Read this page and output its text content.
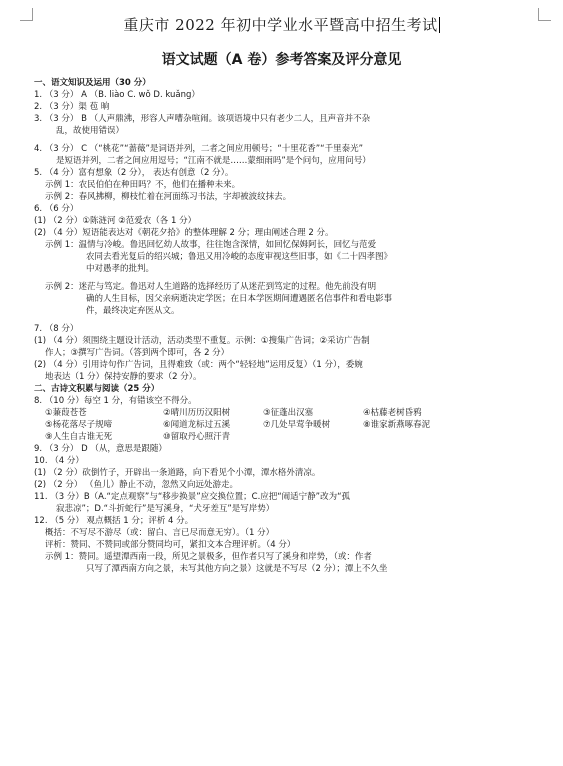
重庆市 2022 年初中学业水平暨高中招生考试
语文试题（A 卷）参考答案及评分意见
一、语文知识及运用（30 分）
1. （3 分） A （B. liào C. wǒ D. kuǎng）
2. （3 分）渠 苞 晌
3. （3 分） B （人声鼎沸，形容人声嘈杂喧闹。该项语境中只有老少二人，且声音并不杂
乱，故使用错误）
4. （3 分） C （“桃花”“蔷薇”是词语并列，二者之间应用顿号；“十里花香”“千里泰光”
是短语并列，二者之间应用逗号；“江南不就是……蒙细雨吗”是个问句，应用问号）
5. （4 分）富有想象（2 分）， 表达有创意（2 分）。
示例 1：农民伯伯在种田吗？不，他们在播种未来。
示例 2：春风拂柳，柳枝忙着在河面练习书法，宇却被波纹抹去。
6. （6 分）
(1) （2 分）①陈涟河 ②范爱农（各 1 分）
(2) （4 分）短语能表达对《朝花夕拾》的整体理解 2 分；理由阐述合理 2 分。
示例 1：温情与冷峻。鲁迅回忆幼人故事，往往饱含深情，如回忆保姆阿长，回忆与范爱
农同去看光复后的绍兴城；鲁迅又用冷峻的态度审视这些旧事，如《二十四孝图》
中对愚孝的批判。
示例 2：迷茫与笃定。鲁迅对人生道路的选择经历了从迷茫到笃定的过程。他先前没有明
确的人生目标，因父亲病逝决定学医；在日本学医期间遭遇匿名信事件和看电影事
件，最终决定弃医从文。
7. （8 分）
(1) （4 分）须围绕主题设计活动，活动类型不重复。示例：①搜集广告词；②采访广告制
作人；③撰写广告词。（答到两个即可，各 2 分）
(2) （4 分）引用诗句作广告词，且得难致（或：两个“轻轻地”运用反复）（1 分），委婉
地表达（1 分）保持安静的要求（2 分）。
二、古诗文积累与阅读（25 分）
8. （10 分）每空 1 分，有错该空不得分。
①蒹葭苍苍	②晴川历历汉阳树	③征蓬出汉塞	④枯藤老树昏鸦
⑤杨花落尽子规啼	⑥闻道龙标过五溪	⑦几处早莺争暖树	⑧谁家新燕啄春泥
⑨人生自古谁无死	⑩留取丹心照汗青
9. （3 分） D （从，意思是跟随）
10. （4 分）
(1) （2 分）砍倒竹子，开辟出一条道路，向下看见个小潭，潭水格外清凉。
(2) （2 分） （鱼儿）静止不动，忽然又向远处游走。
11. （3 分）B（A.“定点观察”与“移步换景”应交换位置；C.应把“闹适宁静”改为“孤
寂悲凉”；D.“斗折蛇行”是写溪身，“犬牙差互”是写岸势）
12. （5 分） 观点概括 1 分；评析 4 分。
概括：不写尽不游尽（或：留白、言已尽而意无穷）。（1 分）
评析：赞同、不赞同或部分赞同均可，紧扣文本合理评析。（4 分）
示例 1：赞同。遥望潭西南一段，所见之景极多，但作者只写了溪身和岸势，（或：作者
只写了潭西南方向之景，未写其他方向之景）这就是不写尽（2 分）；潭上不久坐
